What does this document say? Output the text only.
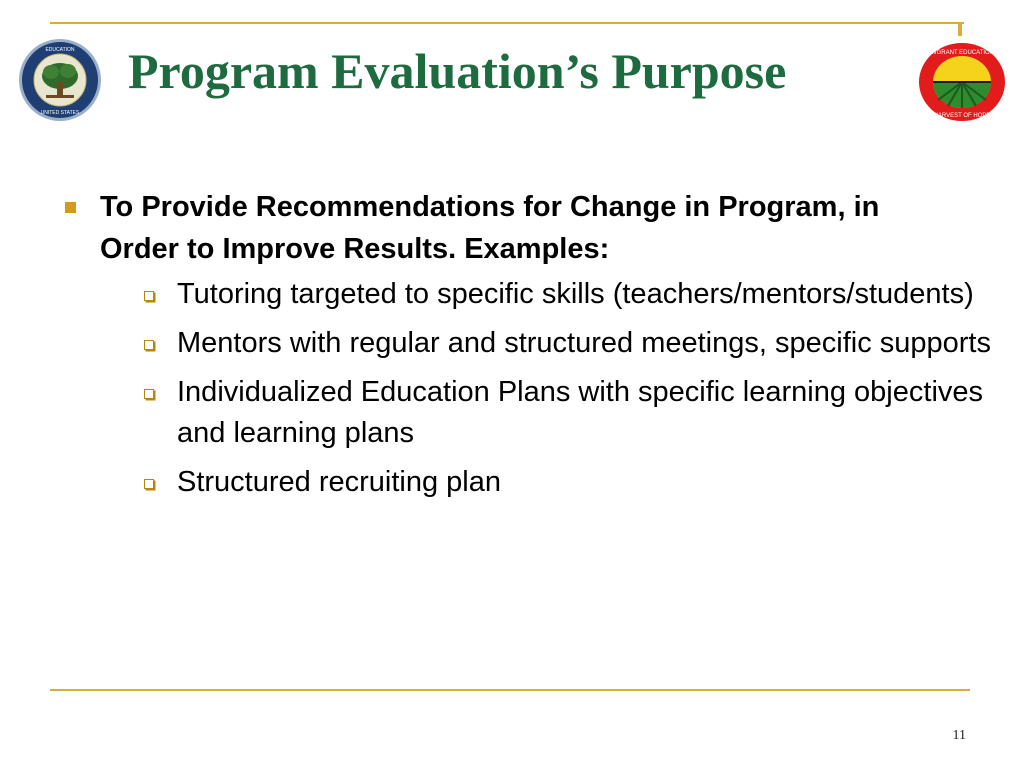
EDUCATION
UNITED STATES
Program Evaluation’s Purpose	MIGRANT EDUCATION
HARVEST OF HOPE
To Provide Recommendations for Change in Program, in Order to Improve Results. Examples:
Tutoring targeted to specific skills (teachers/mentors/students)
Mentors with regular and structured meetings, specific supports
Individualized Education Plans with specific learning objectives and learning plans
Structured recruiting plan
11
